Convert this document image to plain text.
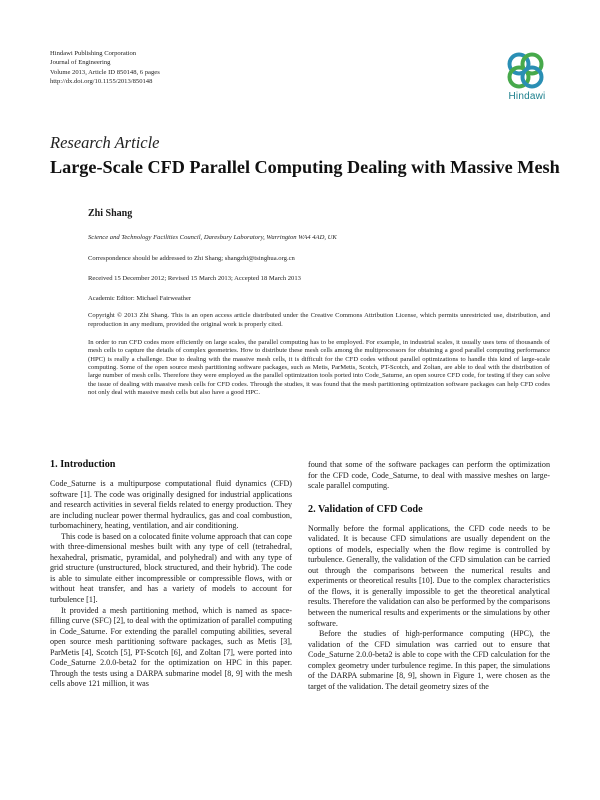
Hindawi Publishing Corporation
Journal of Engineering
Volume 2013, Article ID 850148, 6 pages
http://dx.doi.org/10.1155/2013/850148
Hindawi
Research Article
Large-Scale CFD Parallel Computing Dealing with Massive Mesh
Zhi Shang
Science and Technology Facilities Council, Daresbury Laboratory, Warrington WA4 4AD, UK
Correspondence should be addressed to Zhi Shang; shangzhi@tsinghua.org.cn
Received 15 December 2012; Revised 15 March 2013; Accepted 18 March 2013
Academic Editor: Michael Fairweather
Copyright © 2013 Zhi Shang. This is an open access article distributed under the Creative Commons Attribution License, which permits unrestricted use, distribution, and reproduction in any medium, provided the original work is properly cited.
In order to run CFD codes more efficiently on large scales, the parallel computing has to be employed. For example, in industrial scales, it usually uses tens of thousands of mesh cells to capture the details of complex geometries. How to distribute these mesh cells among the multiprocessors for obtaining a good parallel computing performance (HPC) is really a challenge. Due to dealing with the massive mesh cells, it is difficult for the CFD codes without parallel optimizations to handle this kind of large-scale computing. Some of the open source mesh partitioning software packages, such as Metis, ParMetis, Scotch, PT-Scotch, and Zoltan, are able to deal with the distribution of large number of mesh cells. Therefore they were employed as the parallel optimization tools ported into Code_Saturne, an open source CFD code, for testing if they can solve the issue of dealing with massive mesh cells for CFD codes. Through the studies, it was found that the mesh partitioning optimization software packages can help CFD codes not only deal with massive mesh cells but also have a good HPC.
1. Introduction

Code_Saturne is a multipurpose computational fluid dynamics (CFD) software [1]. The code was originally designed for industrial applications and research activities in several fields related to energy production. They are including nuclear power thermal hydraulics, gas and coal combustion, turbomachinery, heating, ventilation, and air conditioning.

This code is based on a colocated finite volume approach that can cope with three-dimensional meshes built with any type of cell (tetrahedral, hexahedral, prismatic, pyramidal, and polyhedral) and with any type of grid structure (unstructured, block structured, and their hybrid). The code is able to simulate either incompressible or compressible flows, with or without heat transfer, and has a variety of models to account for turbulence [1].

It provided a mesh partitioning method, which is named as space-filling curve (SFC) [2], to deal with the optimization of parallel computing in Code_Saturne. For extending the parallel computing abilities, several open source mesh partitioning software packages, such as Metis [3], ParMetis [4], Scotch [5], PT-Scotch [6], and Zoltan [7], were ported into Code_Saturne 2.0.0-beta2 for the optimization on HPC in this paper. Through the tests using a DARPA submarine model [8, 9] with the mesh cells above 121 million, it was

found that some of the software packages can perform the optimization for the CFD code, Code_Saturne, to deal with massive meshes on large-scale parallel computing.

2. Validation of CFD Code

Normally before the formal applications, the CFD code needs to be validated. It is because CFD simulations are usually dependent on the options of models, especially when the flow regime is controlled by turbulence. Generally, the validation of the CFD simulation can be carried out through the comparisons between the numerical results and experiments or theoretical results [10]. Due to the complex characteristics of the flows, it is generally impossible to get the theoretical analytical results. Therefore the validation can also be performed by the comparisons between the numerical results and experiments or the simulations by other software.

Before the studies of high-performance computing (HPC), the validation of the CFD simulation was carried out to ensure that Code_Saturne 2.0.0-beta2 is able to cope with the CFD calculation for the complex geometry under turbulence regime. In this paper, the simulations of the DARPA submarine [8, 9], shown in Figure 1, were chosen as the target of the validation. The detail geometry sizes of the
